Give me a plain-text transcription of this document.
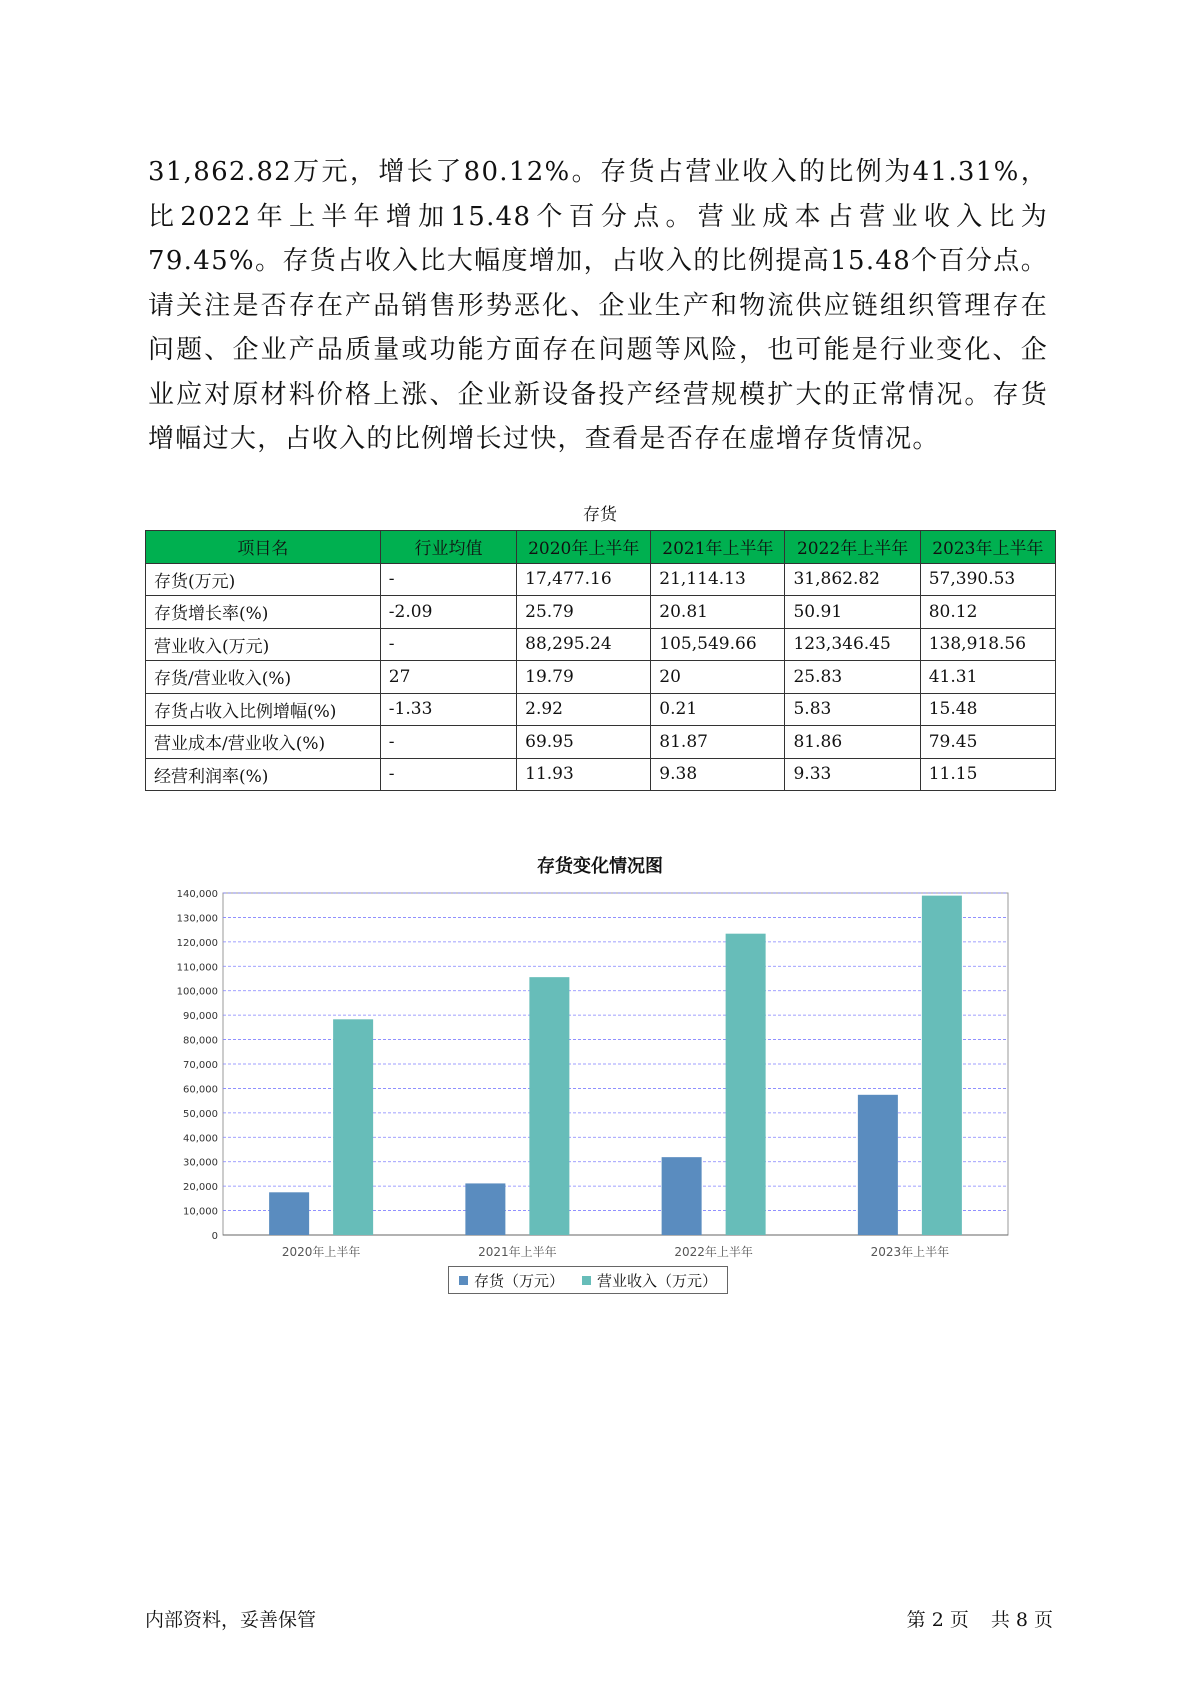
31,862.82万元，增长了80.12%。存货占营业收入的比例为41.31%，比2022年上半年增加15.48个百分点。营业成本占营业收入比为79.45%。存货占收入比大幅度增加，占收入的比例提高15.48个百分点。请关注是否存在产品销售形势恶化、企业生产和物流供应链组织管理存在问题、企业产品质量或功能方面存在问题等风险，也可能是行业变化、企业应对原材料价格上涨、企业新设备投产经营规模扩大的正常情况。存货增幅过大，占收入的比例增长过快，查看是否存在虚增存货情况。

存货
项目名	行业均值	2020年上半年	2021年上半年	2022年上半年	2023年上半年
存货(万元)	-	17,477.16	21,114.13	31,862.82	57,390.53
存货增长率(%)	-2.09	25.79	20.81	50.91	80.12
营业收入(万元)	-	88,295.24	105,549.66	123,346.45	138,918.56
存货/营业收入(%)	27	19.79	20	25.83	41.31
存货占收入比例增幅(%)	-1.33	2.92	0.21	5.83	15.48
营业成本/营业收入(%)	-	69.95	81.87	81.86	79.45
经营利润率(%)	-	11.93	9.38	9.33	11.15
存货变化情况图
0
10,000
20,000
30,000
40,000
50,000
60,000
70,000
80,000
90,000
100,000
110,000
120,000
130,000
140,000
2020年上半年	2021年上半年	2022年上半年	2023年上半年
存货（万元） 营业收入（万元）
内部资料，妥善保管	第 2 页 共 8 页
